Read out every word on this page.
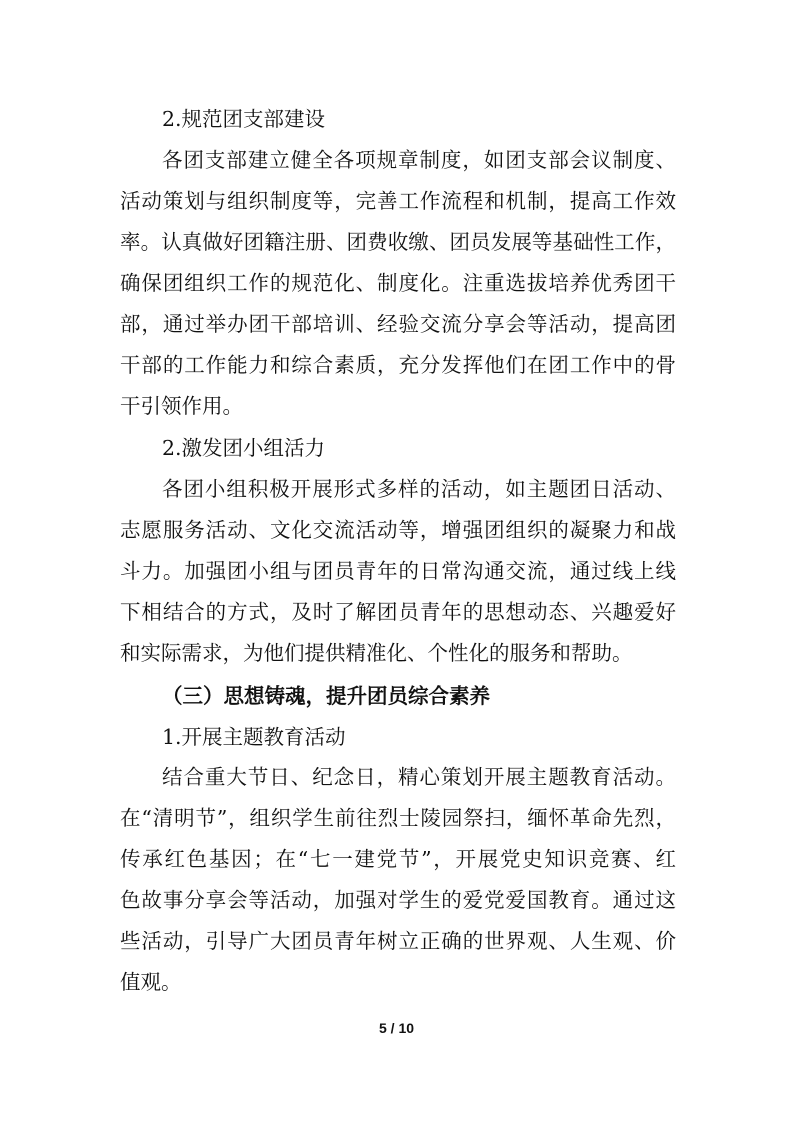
2.规范团支部建设
各团支部建立健全各项规章制度，如团支部会议制度、
活动策划与组织制度等，完善工作流程和机制，提高工作效
率。认真做好团籍注册、团费收缴、团员发展等基础性工作，
确保团组织工作的规范化、制度化。注重选拔培养优秀团干
部，通过举办团干部培训、经验交流分享会等活动，提高团
干部的工作能力和综合素质，充分发挥他们在团工作中的骨
干引领作用。
2.激发团小组活力
各团小组积极开展形式多样的活动，如主题团日活动、
志愿服务活动、文化交流活动等，增强团组织的凝聚力和战
斗力。加强团小组与团员青年的日常沟通交流，通过线上线
下相结合的方式，及时了解团员青年的思想动态、兴趣爱好
和实际需求，为他们提供精准化、个性化的服务和帮助。
（三）思想铸魂，提升团员综合素养
1.开展主题教育活动
结合重大节日、纪念日，精心策划开展主题教育活动。
在“清明节”，组织学生前往烈士陵园祭扫，缅怀革命先烈，
传承红色基因；在“七一建党节”，开展党史知识竞赛、红
色故事分享会等活动，加强对学生的爱党爱国教育。通过这
些活动，引导广大团员青年树立正确的世界观、人生观、价
值观。
5 / 10
